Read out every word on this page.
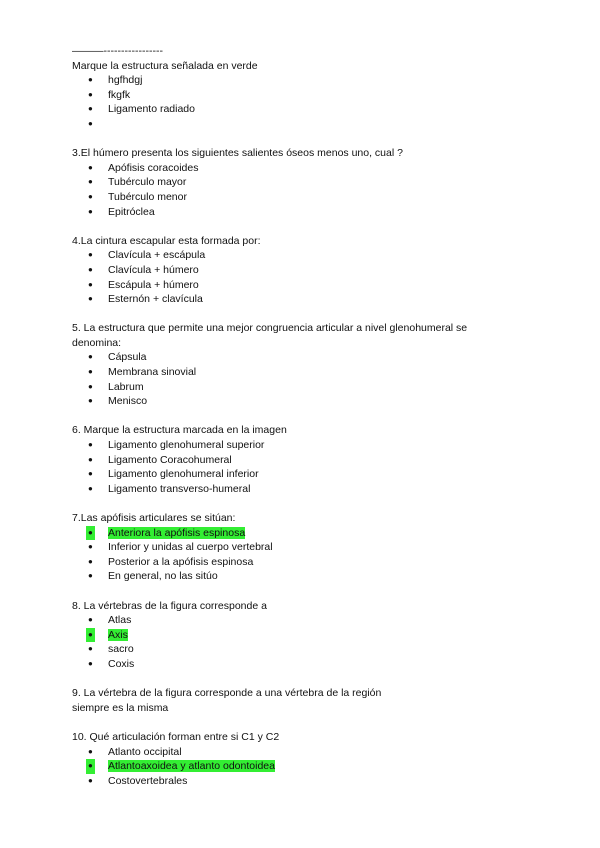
———-----------------
Marque la estructura señalada en verde
● hgfhdgj
● fkgfk
● Ligamento radiado
●
3.El húmero presenta los siguientes salientes óseos menos uno, cual ?
● Apófisis coracoides
● Tubérculo mayor
● Tubérculo menor
● Epitróclea
4.La cintura escapular esta formada por:
● Clavícula + escápula
● Clavícula + húmero
● Escápula + húmero
● Esternón + clavícula
5. La estructura que permite una mejor congruencia articular a nivel glenohumeral se
denomina:
● Cápsula
● Membrana sinovial
● Labrum
● Menisco
6. Marque la estructura marcada en la imagen
● Ligamento glenohumeral superior
● Ligamento Coracohumeral
● Ligamento glenohumeral inferior
● Ligamento transverso-humeral
7.Las apófisis articulares se sitúan:
● Anteriora la apófisis espinosa
● Inferior y unidas al cuerpo vertebral
● Posterior a la apófisis espinosa
● En general, no las sitúo
8. La vértebras de la figura corresponde a
● Atlas
● Axis
● sacro
● Coxis
9. La vértebra de la figura corresponde a una vértebra de la región
siempre es la misma
10. Qué articulación forman entre si C1 y C2
● Atlanto occipital
● Atlantoaxoidea y atlanto odontoidea
● Costovertebrales
